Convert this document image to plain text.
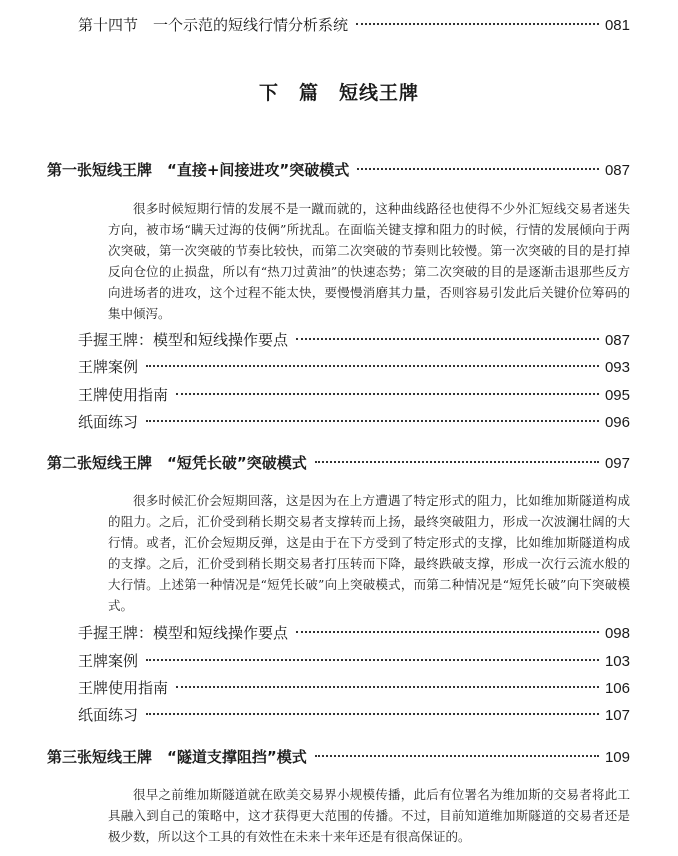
第十四节　一个示范的短线行情分析系统	081
下　篇　短线王牌
第一张短线王牌　“直接+间接进攻”突破模式	087

很多时候短期行情的发展不是一蹴而就的，这种曲线路径也使得不少外汇短线交易者迷失方向，被市场“瞒天过海的伎俩”所扰乱。在面临关键支撑和阻力的时候，行情的发展倾向于两次突破，第一次突破的节奏比较快，而第二次突破的节奏则比较慢。第一次突破的目的是打掉反向仓位的止损盘，所以有“热刀过黄油”的快速态势；第二次突破的目的是逐渐击退那些反方向进场者的进攻，这个过程不能太快，要慢慢消磨其力量，否则容易引发此后关键价位筹码的集中倾泻。

手握王牌：模型和短线操作要点	087
王牌案例	093
王牌使用指南	095
纸面练习	096
第二张短线王牌　“短凭长破”突破模式	097

很多时候汇价会短期回落，这是因为在上方遭遇了特定形式的阻力，比如维加斯隧道构成的阻力。之后，汇价受到稍长期交易者支撑转而上扬，最终突破阻力，形成一次波澜壮阔的大行情。或者，汇价会短期反弹，这是由于在下方受到了特定形式的支撑，比如维加斯隧道构成的支撑。之后，汇价受到稍长期交易者打压转而下降，最终跌破支撑，形成一次行云流水般的大行情。上述第一种情况是“短凭长破”向上突破模式，而第二种情况是“短凭长破”向下突破模式。

手握王牌：模型和短线操作要点	098
王牌案例	103
王牌使用指南	106
纸面练习	107
第三张短线王牌　“隧道支撑阻挡”模式	109

很早之前维加斯隧道就在欧美交易界小规模传播，此后有位署名为维加斯的交易者将此工具融入到自己的策略中，这才获得更大范围的传播。不过，目前知道维加斯隧道的交易者还是极少数，所以这个工具的有效性在未来十来年还是有很高保证的。
